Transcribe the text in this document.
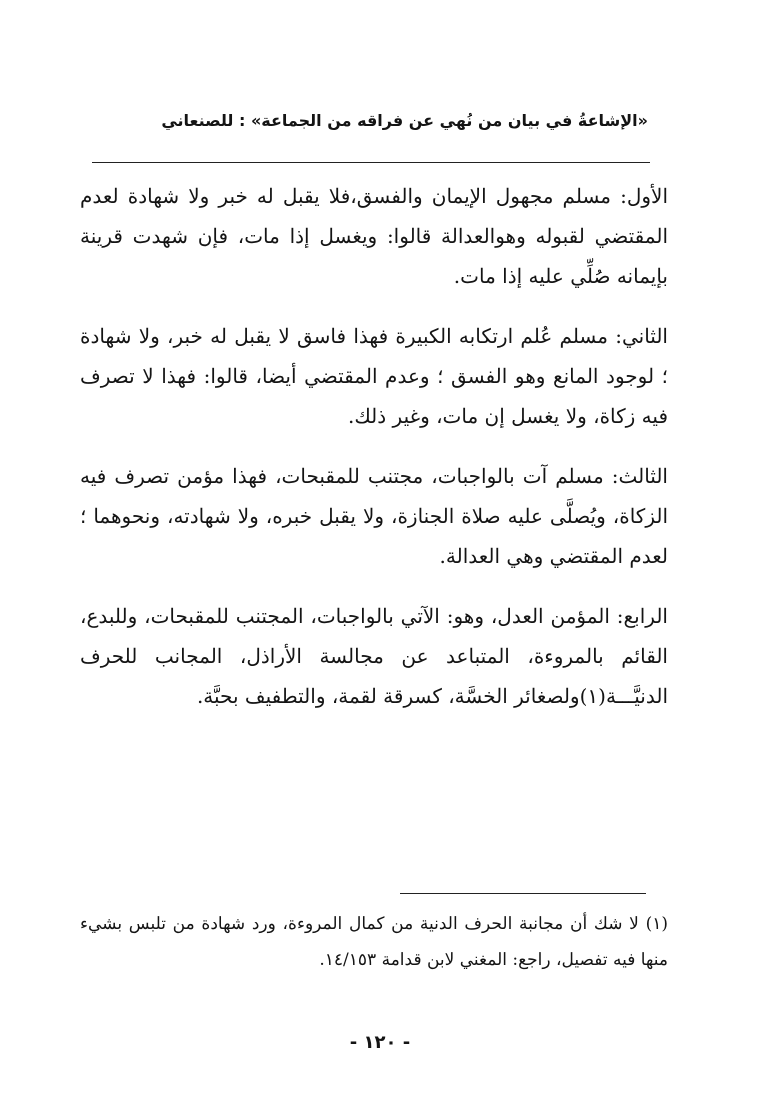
«الإشاعةُ في بيان من نُهي عن فراقه من الجماعة» : للصنعاني

الأول: مسلم مجهول الإيمان والفسق،فلا يقبل له خبر ولا شهادة لعدم المقتضي لقبوله وهوالعدالة قالوا: ويغسل إذا مات، فإن شهدت قرينة بإيمانه صُلِّي عليه إذا مات.

الثاني: مسلم عُلم ارتكابه الكبيرة فهذا فاسق لا يقبل له خبر، ولا شهادة ؛ لوجود المانع وهو الفسق ؛ وعدم المقتضي أيضا، قالوا: فهذا لا تصرف فيه زكاة، ولا يغسل إن مات، وغير ذلك.

الثالث: مسلم آت بالواجبات، مجتنب للمقبحات، فهذا مؤمن تصرف فيه الزكاة، ويُصلَّى عليه صلاة الجنازة، ولا يقبل خبره، ولا شهادته، ونحوهما ؛ لعدم المقتضي وهي العدالة.

الرابع: المؤمن العدل، وهو: الآتي بالواجبات، المجتنب للمقبحات، وللبدع، القائم بالمروءة، المتباعد عن مجالسة الأراذل، المجانب للحرف الدنيَّـــة(١)ولصغائر الخسَّة، كسرقة لقمة، والتطفيف بحبَّة.

(١) لا شك أن مجانبة الحرف الدنية من كمال المروءة، ورد شهادة من تلبس بشيء منها فيه تفصيل، راجع: المغني لابن قدامة ١٤/١٥٣.

- ١٢٠ -
